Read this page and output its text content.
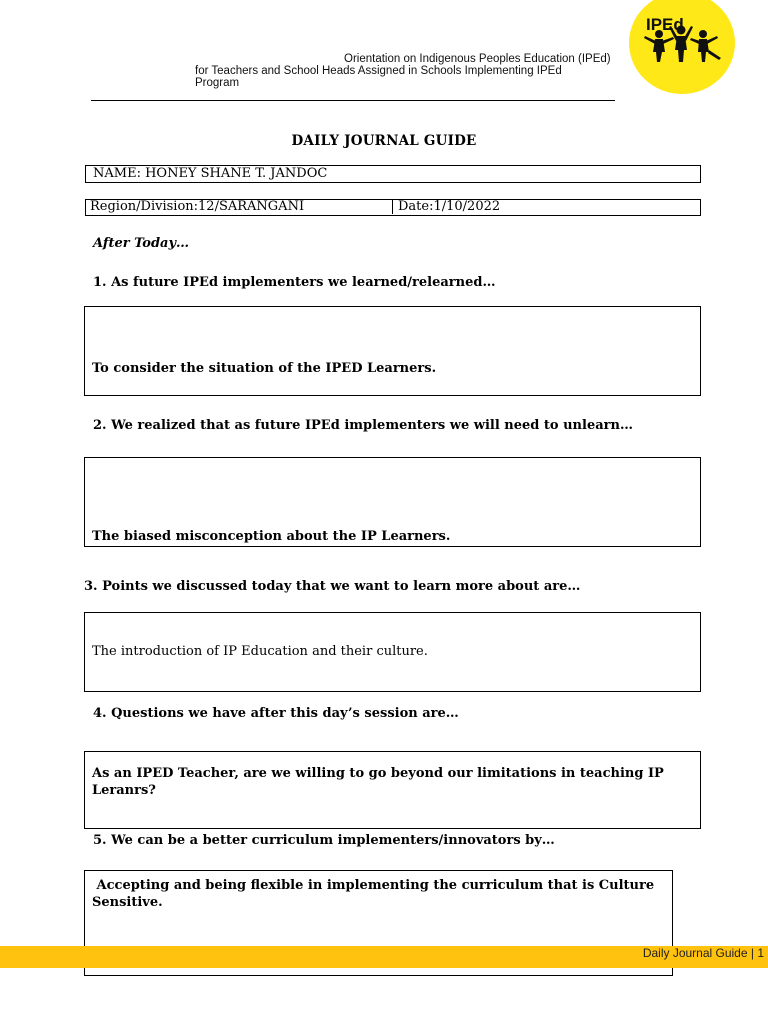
Orientation on Indigenous Peoples Education (IPEd)
for Teachers and School Heads Assigned in Schools Implementing IPEd
Program
IPEd
DAILY JOURNAL GUIDE
NAME: HONEY SHANE T. JANDOC
Region/Division:12/SARANGANI	Date:1/10/2022
After Today…
1. As future IPEd implementers we learned/relearned…
To consider the situation of the IPED Learners.
2. We realized that as future IPEd implementers we will need to unlearn…
The biased misconception about the IP Learners.
3. Points we discussed today that we want to learn more about are…
The introduction of IP Education and their culture.
4. Questions we have after this day’s session are…
As an IPED Teacher, are we willing to go beyond our limitations in teaching IP Leranrs?
5. We can be a better curriculum implementers/innovators by…
Accepting and being flexible in implementing the curriculum that is Culture Sensitive.
Daily Journal Guide | 1
